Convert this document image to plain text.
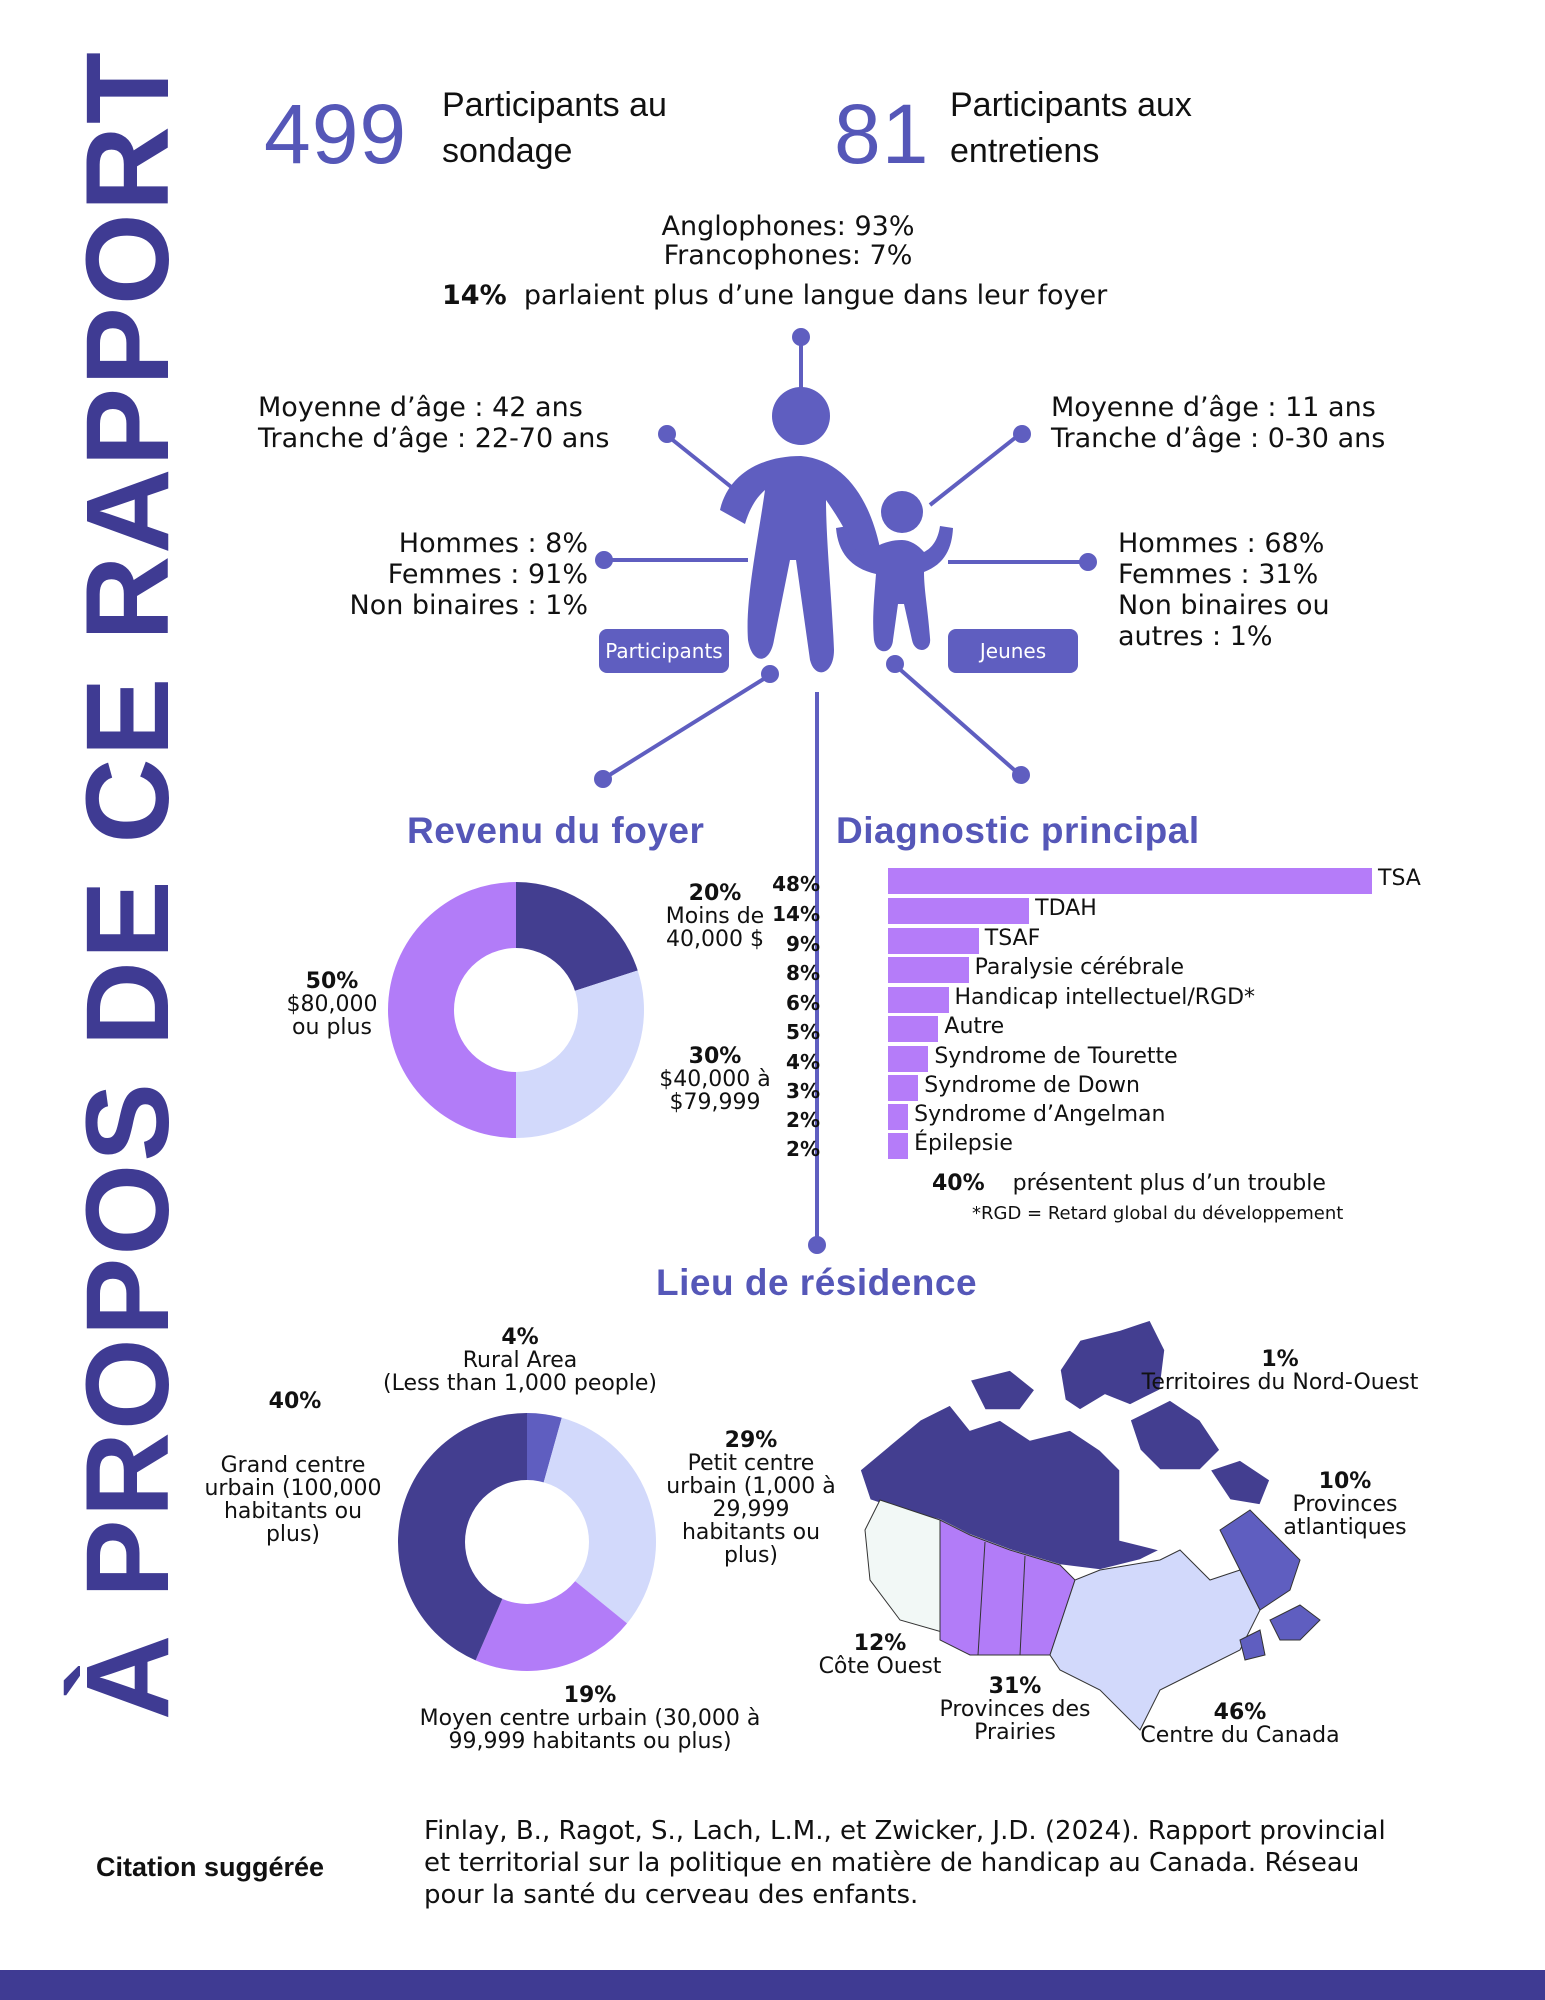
À PROPOS DE CE RAPPORT 499 Participants au
sondage	81 Participants aux
entretiens
Anglophones: 93%
Francophones: 7%
14% parlaient plus d’une langue dans leur foyer
Moyenne d’âge : 42 ans
Tranche d’âge : 22-70 ans
Hommes : 8%
Femmes : 91%
Non binaires : 1%
Participants
Moyenne d’âge : 11 ans
Tranche d’âge : 0-30 ans
Hommes : 68%
Femmes : 31%
Non binaires ou
autres : 1%
Jeunes
Revenu du foyer
20%
Moins de
40,000 $
30%
$40,000 à
$79,999
50%
$80,000
ou plus
Diagnostic principal
48%	TSA
14%	TDAH
9%	TSAF
8%	Paralysie cérébrale
6%	Handicap intellectuel/RGD*
5%	Autre
4%	Syndrome de Tourette
3%	Syndrome de Down
2%	Syndrome d’Angelman
2%	Épilepsie
40% présentent plus d’un trouble
*RGD = Retard global du développement
Lieu de résidence
4%
Rural Area
(Less than 1,000 people)
29%
Petit centre
urbain (1,000 à
29,999
habitants ou
plus)
19%
Moyen centre urbain (30,000 à
99,999 habitants ou plus)
40%
Grand centre
urbain (100,000
habitants ou
plus)
1%
Territoires du Nord-Ouest
10%
Provinces
atlantiques
12%
Côte Ouest
31%
Provinces des
Prairies
46%
Centre du Canada
Citation suggérée
Finlay, B., Ragot, S., Lach, L.M., et Zwicker, J.D. (2024). Rapport provincial
et territorial sur la politique en matière de handicap au Canada. Réseau
pour la santé du cerveau des enfants.
